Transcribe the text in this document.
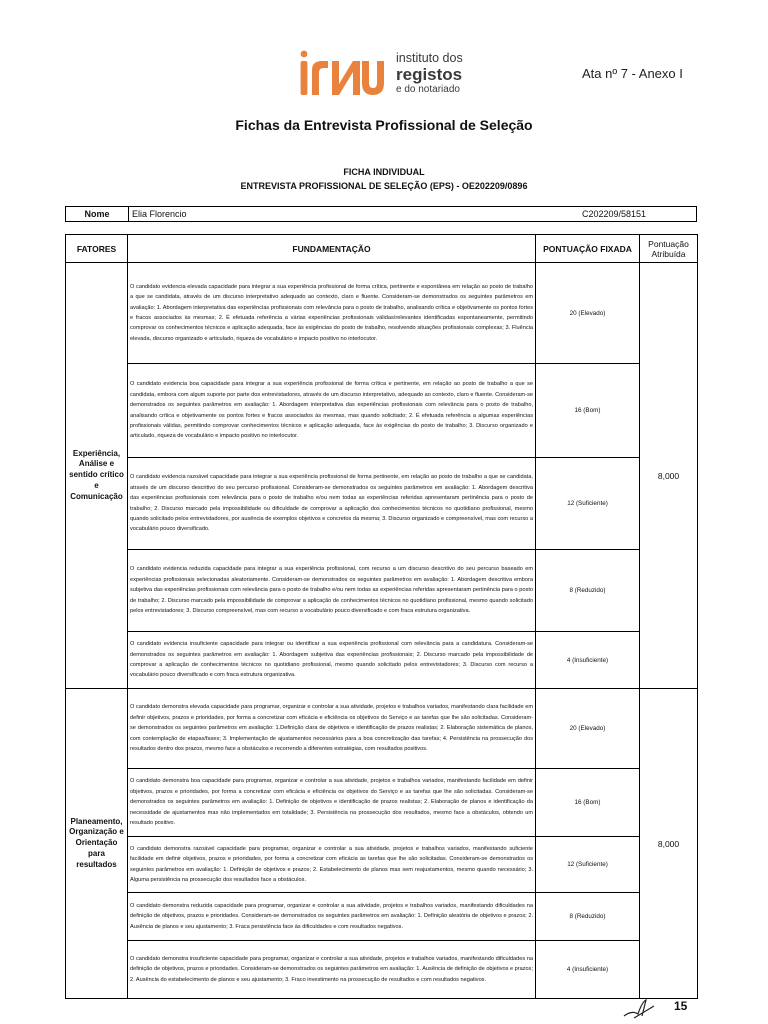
instituto dos
registos
e do notariado
Ata nº 7 - Anexo I
Fichas da Entrevista Profissional de Seleção
FICHA INDIVIDUAL
ENTREVISTA PROFISSIONAL DE SELEÇÃO (EPS) - OE202209/0896
Nome	Elia Florencio	C202209/58151
FATORES	FUNDAMENTAÇÃO	PONTUAÇÃO FIXADA	Pontuação Atribuída
Experiência, Análise e sentido crítico e Comunicação	O candidato evidencia elevada capacidade para integrar a sua experiência profissional de forma crítica, pertinente e espontânea em relação ao posto de trabalho a que se candidata, através de um discurso interpretativo adequado ao contexto, claro e fluente. Consideram-se demonstrados os seguintes parâmetros em avaliação: 1. Abordagem interpretativa das experiências profissionais com relevância para o posto de trabalho, analisando crítica e objetivamente os pontos fortes e fracos associados às mesmas; 2. É efetuada referência a várias experiências profissionais válidas/relevantes identificadas espontaneamente, permitindo comprovar os conhecimentos técnicos e aplicação adequada, face às exigências do posto de trabalho, resolvendo situações profissionais complexas; 3. Fluência elevada, discurso organizado e articulado, riqueza de vocabulário e impacto positivo no interlocutor.	20 (Elevado)	8,000

	O candidato evidencia boa capacidade para integrar a sua experiência profissional de forma crítica e pertinente, em relação ao posto de trabalho a que se candidata, embora com algum suporte por parte dos entrevistadores, através de um discurso interpretativo, adequado ao contexto, claro e fluente. Consideram-se demonstrados os seguintes parâmetros em avaliação: 1. Abordagem interpretativa das experiências profissionais com relevância para o posto de trabalho, analisando crítica e objetivamente os pontos fortes e fracos associados às mesmas, mas quando solicitado; 2. É efetuada referência a algumas experiências profissionais válidas, permitindo comprovar conhecimentos técnicos e aplicação adequada, face às exigências do posto de trabalho; 3. Discurso organizado e articulado, riqueza de vocabulário e impacto positivo no interlocutor.	16 (Bom)	

	O candidato evidencia razoável capacidade para integrar a sua experiência profissional de forma pertinente, em relação ao posto de trabalho a que se candidata, através de um discurso descritivo do seu percurso profissional. Consideram-se demonstrados os seguintes parâmetros em avaliação: 1. Abordagem descritiva das experiências profissionais com relevância para o posto de trabalho e/ou nem todas as experiências referidas apresentaram pertinência para o posto de trabalho; 2. Discurso marcado pela impossibilidade ou dificuldade de comprovar a aplicação dos conhecimentos técnicos no quotidiano profissional, mesmo quando solicitado pelos entrevistadores, por ausência de exemplos objetivos e concretos da mesma; 3. Discurso organizado e compreensível, mas com recurso a vocabulário pouco diversificado.	12 (Suficiente)	

	O candidato evidencia reduzida capacidade para integrar a sua experiência profissional, com recurso a um discurso descritivo do seu percurso baseado em experiências profissionais selecionadas aleatoriamente. Consideram-se demonstrados os seguintes parâmetros em avaliação: 1. Abordagem descritiva embora subjetiva das experiências profissionais com relevância para o posto de trabalho e/ou nem todas as experiências referidas apresentaram pertinência para o posto de trabalho; 2. Discurso marcado pela impossibilidade de comprovar a aplicação de conhecimentos técnicos no quotidiano profissional, mesmo quando solicitado pelos entrevistadores; 3. Discurso compreensível, mas com recurso a vocabulário pouco diversificado e com fraca estrutura organizativa.	8 (Reduzido)	

	O candidato evidencia insuficiente capacidade para integrar ou identificar a sua experiência profissional com relevância para a candidatura. Consideram-se demonstrados os seguintes parâmetros em avaliação: 1. Abordagem subjetiva das experiências profissionais; 2. Discurso marcado pela impossibilidade de comprovar a aplicação de conhecimentos técnicos no quotidiano profissional, mesmo quando solicitado pelos entrevistadores; 3. Discurso com recurso a vocabulário pouco diversificado e com fraca estrutura organizativa.	4 (Insuficiente)	
Planeamento, Organização e Orientação para resultados	O candidato demonstra elevada capacidade para programar, organizar e controlar a sua atividade, projetos e trabalhos variados, manifestando clara facilidade em definir objetivos, prazos e prioridades, por forma a concretizar com eficácia e eficiência os objetivos do Serviço e as tarefas que lhe são solicitadas. Consideram-se demonstrados os seguintes parâmetros em avaliação: 1.Definição clara de objetivos e identificação de prazos realistas; 2. Elaboração sistemática de planos, com contemplação de etapas/fases; 3. Implementação de ajustamentos necessários para a boa concretização das tarefas; 4. Persistência na prossecução dos resultados dentro dos prazos, mesmo face a obstáculos e recorrendo a diferentes estratégias, com resultados positivos.	20 (Elevado)	8,000

	O candidato demonstra boa capacidade para programar, organizar e controlar a sua atividade, projetos e trabalhos variados, manifestando facilidade em definir objetivos, prazos e prioridades, por forma a concretizar com eficácia e eficiência os objetivos do Serviço e as tarefas que lhe são solicitadas. Consideram-se demonstrados os seguintes parâmetros em avaliação: 1. Definição de objetivos e identificação de prazos realistas; 2. Elaboração de planos e identificação da necessidade de ajustamentos mas não implementados em totalidade; 3. Persistência na prossecução dos resultados, mesmo face a obstáculos, obtendo um resultado positivo.	16 (Bom)	

	O candidato demonstra razoável capacidade para programar, organizar e controlar a sua atividade, projetos e trabalhos variados, manifestando suficiente facilidade em definir objetivos, prazos e prioridades, por forma a concretizar com eficácia as tarefas que lhe são solicitadas. Consideram-se demonstrados os seguintes parâmetros em avaliação: 1. Definição de objetivos e prazos; 2. Estabelecimento de planos mas sem reajustamentos, mesmo quando necessário; 3. Alguma persistência na prossecução dos resultados face a obstáculos.	12 (Suficiente)	

	O candidato demonstra reduzida capacidade para programar, organizar e controlar a sua atividade, projetos e trabalhos variados, manifestando dificuldades na definição de objetivos, prazos e prioridades. Consideram-se demonstrados os seguintes parâmetros em avaliação: 1. Definição aleatória de objetivos e prazos; 2. Ausência de planos e seu ajustamento; 3. Fraca persistência face às dificuldades e com resultados negativos.	8 (Reduzido)	

	O candidato demonstra insuficiente capacidade para programar, organizar e controlar a sua atividade, projetos e trabalhos variados, manifestando dificuldades na definição de objetivos, prazos e prioridades. Consideram-se demonstrados os seguintes parâmetros em avaliação: 1. Ausência de definição de objetivos e prazos; 2. Ausência do estabelecimento de planos e seu ajustamento; 3. Fraco investimento na prossecução de resultados e com resultados negativos.	4 (Insuficiente)	
15
